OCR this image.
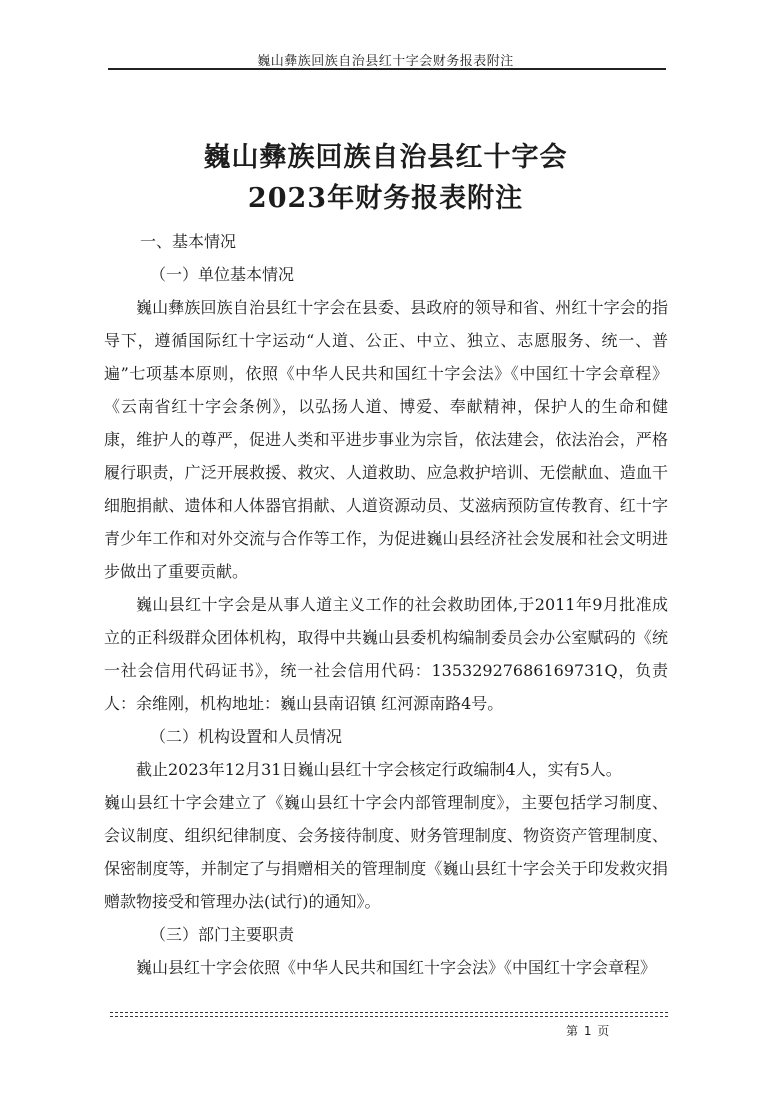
巍山彝族回族自治县红十字会财务报表附注
巍山彝族回族自治县红十字会
2023年财务报表附注

一、基本情况

（一）单位基本情况

巍山彝族回族自治县红十字会在县委、县政府的领导和省、州红十字会的指导下，遵循国际红十字运动“人道、公正、中立、独立、志愿服务、统一、普遍”七项基本原则，依照《中华人民共和国红十字会法》《中国红十字会章程》《云南省红十字会条例》，以弘扬人道、博爱、奉献精神，保护人的生命和健康，维护人的尊严，促进人类和平进步事业为宗旨，依法建会，依法治会，严格履行职责，广泛开展救援、救灾、人道救助、应急救护培训、无偿献血、造血干细胞捐献、遗体和人体器官捐献、人道资源动员、艾滋病预防宣传教育、红十字青少年工作和对外交流与合作等工作，为促进巍山县经济社会发展和社会文明进步做出了重要贡献。

巍山县红十字会是从事人道主义工作的社会救助团体,于2011年9月批准成立的正科级群众团体机构，取得中共巍山县委机构编制委员会办公室赋码的《统一社会信用代码证书》，统一社会信用代码：13532927686169731Q，负责人：余维刚，机构地址：巍山县南诏镇 红河源南路4号。

（二）机构设置和人员情况

截止2023年12月31日巍山县红十字会核定行政编制4人，实有5人。

巍山县红十字会建立了《巍山县红十字会内部管理制度》，主要包括学习制度、会议制度、组织纪律制度、会务接待制度、财务管理制度、物资资产管理制度、保密制度等，并制定了与捐赠相关的管理制度《巍山县红十字会关于印发救灾捐赠款物接受和管理办法(试行)的通知》。

（三）部门主要职责

巍山县红十字会依照《中华人民共和国红十字会法》《中国红十字会章程》

第 1 页
